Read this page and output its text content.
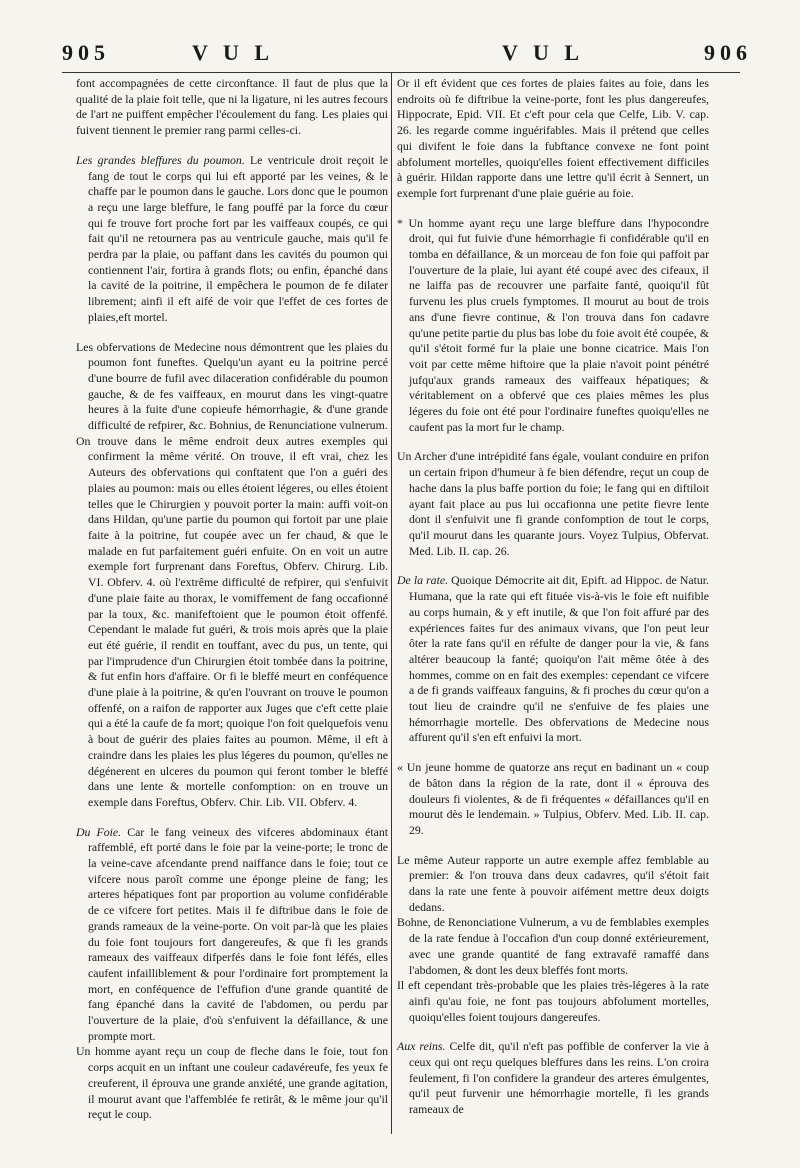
905	V U L	V U L	906

font accompagnées de cette circonftance. Il faut de plus que la qualité de la plaie foit telle, que ni la ligature, ni les autres fecours de l'art ne puiffent empêcher l'écoulement du fang. Les plaies qui fuivent tiennent le premier rang parmi celles-ci.

Les grandes bleffures du poumon. Le ventricule droit reçoit le fang de tout le corps qui lui eft apporté par les veines, & le chaffe par le poumon dans le gauche. Lors donc que le poumon a reçu une large bleffure, le fang pouffé par la force du cœur qui fe trouve fort proche fort par les vaiffeaux coupés, ce qui fait qu'il ne retournera pas au ventricule gauche, mais qu'il fe perdra par la plaie, ou paffant dans les cavités du poumon qui contiennent l'air, fortira à grands flots; ou enfin, épanché dans la cavité de la poitrine, il empêchera le poumon de fe dilater librement; ainfi il eft aifé de voir que l'effet de ces fortes de plaies,eft mortel.

Les obfervations de Medecine nous démontrent que les plaies du poumon font funeftes. Quelqu'un ayant eu la poitrine percé d'une bourre de fufil avec dilaceration confidérable du poumon gauche, & de fes vaiffeaux, en mourut dans les vingt-quatre heures à la fuite d'une copieufe hémorrhagie, & d'une grande difficulté de refpirer, &c. Bohnius, de Renunciatione vulnerum.

On trouve dans le même endroit deux autres exemples qui confirment la même vérité. On trouve, il eft vrai, chez les Auteurs des obfervations qui conftatent que l'on a guéri des plaies au poumon: mais ou elles étoient légeres, ou elles étoient telles que le Chirurgien y pouvoit porter la main: auffi voit-on dans Hildan, qu'une partie du poumon qui fortoit par une plaie faite à la poitrine, fut coupée avec un fer chaud, & que le malade en fut parfaitement guéri enfuite. On en voit un autre exemple fort furprenant dans Foreftus, Obferv. Chirurg. Lib. VI. Obferv. 4. où l'extrême difficulté de refpirer, qui s'enfuivit d'une plaie faite au thorax, le vomiffement de fang occafionné par la toux, &c. manifeftoient que le poumon étoit offenfé. Cependant le malade fut guéri, & trois mois après que la plaie eut été guérie, il rendit en touffant, avec du pus, un tente, qui par l'imprudence d'un Chirurgien étoit tombée dans la poitrine, & fut enfin hors d'affaire. Or fi le bleffé meurt en conféquence d'une plaie à la poitrine, & qu'en l'ouvrant on trouve le poumon offenfé, on a raifon de rapporter aux Juges que c'eft cette plaie qui a été la caufe de fa mort; quoique l'on foit quelquefois venu à bout de guérir des plaies faites au poumon. Même, il eft à craindre dans les plaies les plus légeres du poumon, qu'elles ne dégénerent en ulceres du poumon qui feront tomber le bleffé dans une lente & mortelle confomption: on en trouve un exemple dans Foreftus, Obferv. Chir. Lib. VII. Obferv. 4.

Du Foie. Car le fang veineux des vifceres abdominaux étant raffemblé, eft porté dans le foie par la veine-porte; le tronc de la veine-cave afcendante prend naiffance dans le foie; tout ce vifcere nous paroît comme une éponge pleine de fang; les arteres hépatiques font par proportion au volume confidérable de ce vifcere fort petites. Mais il fe diftribue dans le foie de grands rameaux de la veine-porte. On voit par-là que les plaies du foie font toujours fort dangereufes, & que fi les grands rameaux des vaiffeaux difperfés dans le foie font léfés, elles caufent infailliblement & pour l'ordinaire fort promptement la mort, en conféquence de l'effufion d'une grande quantité de fang épanché dans la cavité de l'abdomen, ou perdu par l'ouverture de la plaie, d'où s'enfuivent la défaillance, & une prompte mort.

Un homme ayant reçu un coup de fleche dans le foie, tout fon corps acquit en un inftant une couleur cadavéreufe, fes yeux fe creuferent, il éprouva une grande anxiété, une grande agitation, il mourut avant que l'affemblée fe retirât, & le même jour qu'il reçut le coup.

Or il eft évident que ces fortes de plaies faites au foie, dans les endroits où fe diftribue la veine-porte, font les plus dangereufes, Hippocrate, Epid. VII. Et c'eft pour cela que Celfe, Lib. V. cap. 26. les regarde comme inguérifables. Mais il prétend que celles qui divifent le foie dans la fubftance convexe ne font point abfolument mortelles, quoiqu'elles foient effectivement difficiles à guérir. Hildan rapporte dans une lettre qu'il écrit à Sennert, un exemple fort furprenant d'une plaie guérie au foie.

* Un homme ayant reçu une large bleffure dans l'hypocondre droit, qui fut fuivie d'une hémorrhagie fi confidérable qu'il en tomba en défaillance, & un morceau de fon foie qui paffoit par l'ouverture de la plaie, lui ayant été coupé avec des cifeaux, il ne laiffa pas de recouvrer une parfaite fanté, quoiqu'il fût furvenu les plus cruels fymptomes. Il mourut au bout de trois ans d'une fievre continue, & l'on trouva dans fon cadavre qu'une petite partie du plus bas lobe du foie avoit été coupée, & qu'il s'étoit formé fur la plaie une bonne cicatrice. Mais l'on voit par cette même hiftoire que la plaie n'avoit point pénétré jufqu'aux grands rameaux des vaiffeaux hépatiques; & véritablement on a obfervé que ces plaies mêmes les plus légeres du foie ont été pour l'ordinaire funeftes quoiqu'elles ne caufent pas la mort fur le champ.

Un Archer d'une intrépidité fans égale, voulant conduire en prifon un certain fripon d'humeur à fe bien défendre, reçut un coup de hache dans la plus baffe portion du foie; le fang qui en diftiloit ayant fait place au pus lui occafionna une petite fievre lente dont il s'enfuivit une fi grande confomption de tout le corps, qu'il mourut dans les quarante jours. Voyez Tulpius, Obfervat. Med. Lib. II. cap. 26.

De la rate. Quoique Démocrite ait dit, Epift. ad Hippoc. de Natur. Humana, que la rate qui eft fituée vis-à-vis le foie eft nuifible au corps humain, & y eft inutile, & que l'on foit affuré par des expériences faites fur des animaux vivans, que l'on peut leur ôter la rate fans qu'il en réfulte de danger pour la vie, & fans altérer beaucoup la fanté; quoiqu'on l'ait même ôtée à des hommes, comme on en fait des exemples: cependant ce vifcere a de fi grands vaiffeaux fanguins, & fi proches du cœur qu'on a tout lieu de craindre qu'il ne s'enfuive de fes plaies une hémorrhagie mortelle. Des obfervations de Medecine nous affurent qu'il s'en eft enfuivi la mort.

« Un jeune homme de quatorze ans reçut en badinant un « coup de bâton dans la région de la rate, dont il « éprouva des douleurs fi violentes, & de fi fréquentes « défaillances qu'il en mourut dès le lendemain. » Tulpius, Obferv. Med. Lib. II. cap. 29.

Le même Auteur rapporte un autre exemple affez femblable au premier: & l'on trouva dans deux cadavres, qu'il s'étoit fait dans la rate une fente à pouvoir aifément mettre deux doigts dedans.

Bohne, de Renonciatione Vulnerum, a vu de femblables exemples de la rate fendue à l'occafion d'un coup donné extérieurement, avec une grande quantité de fang extravafé ramaffé dans l'abdomen, & dont les deux bleffés font morts.

Il eft cependant très-probable que les plaies très-légeres à la rate ainfi qu'au foie, ne font pas toujours abfolument mortelles, quoiqu'elles foient toujours dangereufes.

Aux reins. Celfe dit, qu'il n'eft pas poffible de conferver la vie à ceux qui ont reçu quelques bleffures dans les reins. L'on croira feulement, fi l'on confidere la grandeur des arteres émulgentes, qu'il peut furvenir une hémorrhagie mortelle, fi les grands rameaux de
